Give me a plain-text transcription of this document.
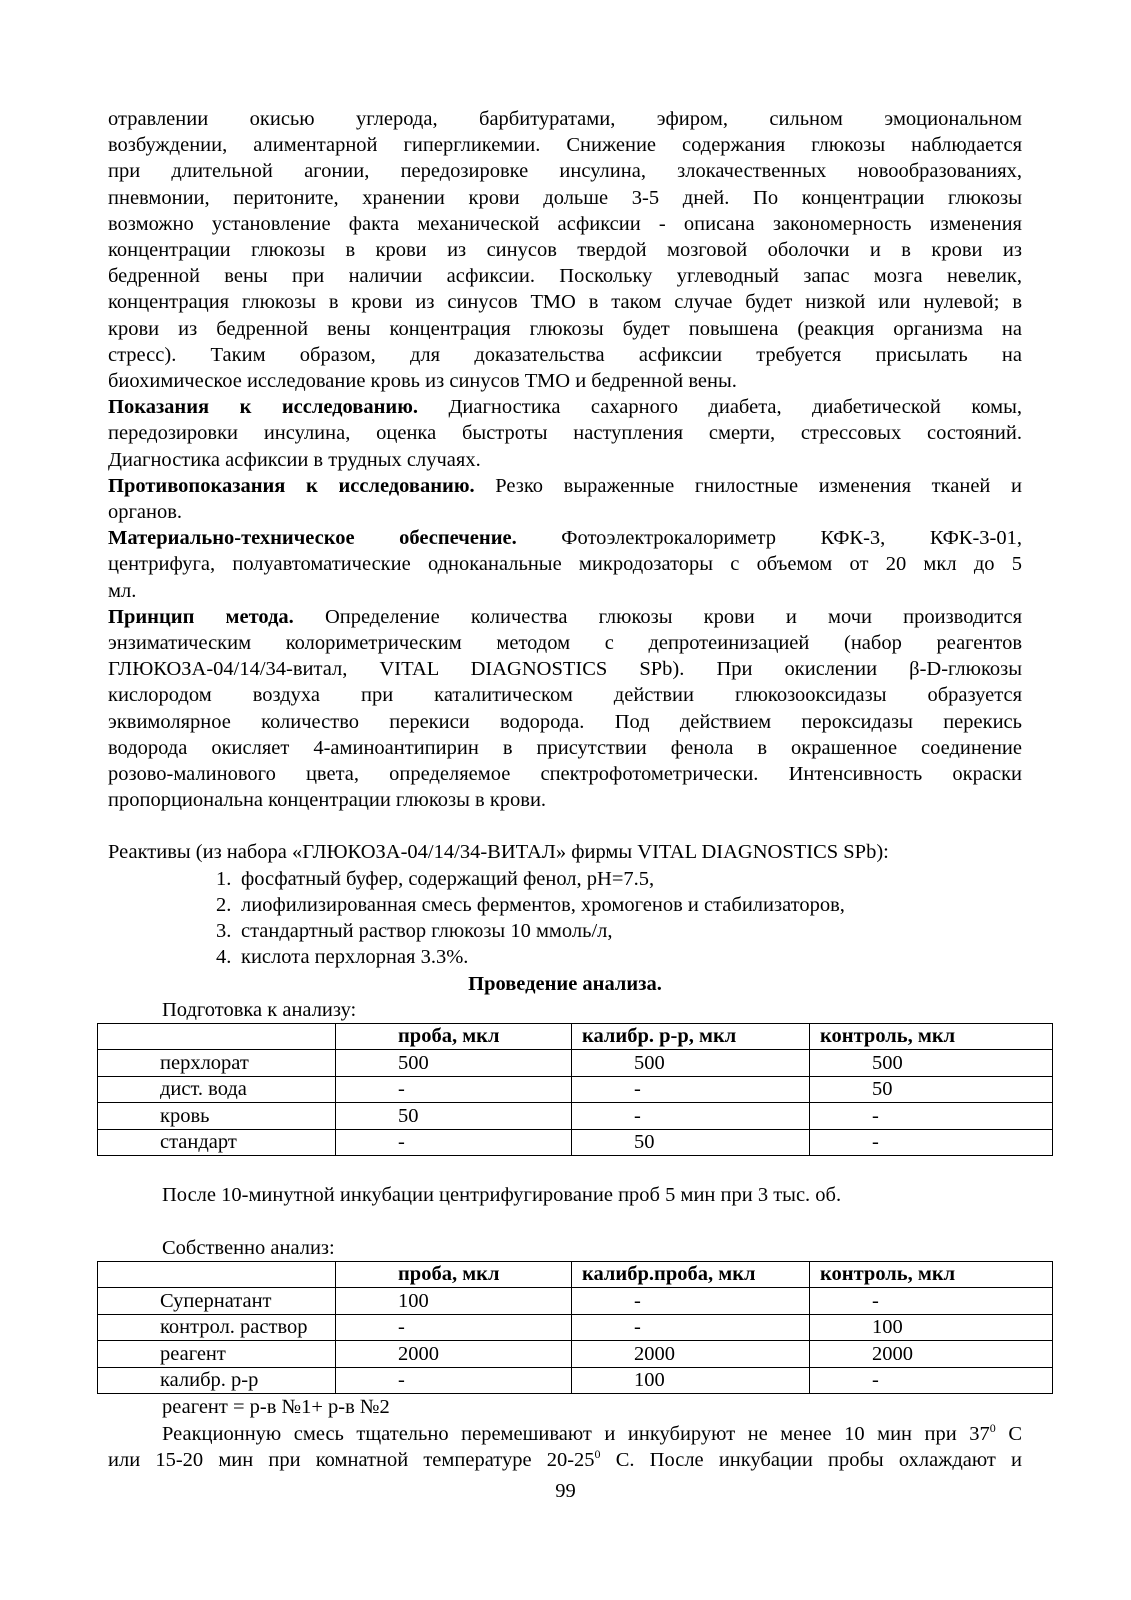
отравлении окисью углерода, барбитуратами, эфиром, сильном эмоциональном

возбуждении, алиментарной гипергликемии. Снижение содержания глюкозы наблюдается

при длительной агонии, передозировке инсулина, злокачественных новообразованиях,

пневмонии, перитоните, хранении крови дольше 3-5 дней. По концентрации глюкозы

возможно установление факта механической асфиксии - описана закономерность изменения

концентрации глюкозы в крови из синусов твердой мозговой оболочки и в крови из

бедренной вены при наличии асфиксии. Поскольку углеводный запас мозга невелик,

концентрация глюкозы в крови из синусов ТМО в таком случае будет низкой или нулевой; в

крови из бедренной вены концентрация глюкозы будет повышена (реакция организма на

стресс). Таким образом, для доказательства асфиксии требуется присылать на

биохимическое исследование кровь из синусов ТМО и бедренной вены.

Показания к исследованию. Диагностика сахарного диабета, диабетической комы,

передозировки инсулина, оценка быстроты наступления смерти, стрессовых состояний.

Диагностика асфиксии в трудных случаях.

Противопоказания к исследованию. Резко выраженные гнилостные изменения тканей и

органов.

Материально-техническое обеспечение. Фотоэлектрокалориметр КФК-3, КФК-3-01,

центрифуга, полуавтоматические одноканальные микродозаторы с объемом от 20 мкл до 5

мл.

Принцип метода. Определение количества глюкозы крови и мочи производится

энзиматическим колориметрическим методом с депротеинизацией (набор реагентов

ГЛЮКОЗА-04/14/34-витал, VITAL DIAGNOSTICS SPb). При окислении β-D-глюкозы

кислородом воздуха при каталитическом действии глюкозооксидазы образуется

эквимолярное количество перекиси водорода. Под действием пероксидазы перекись

водорода окисляет 4-аминоантипирин в присутствии фенола в окрашенное соединение

розово-малинового цвета, определяемое спектрофотометрически. Интенсивность окраски

пропорциональна концентрации глюкозы в крови.

Реактивы (из набора «ГЛЮКОЗА-04/14/34-ВИТАЛ» фирмы VITAL DIAGNOSTICS SPb):

1. фосфатный буфер, содержащий фенол, pH=7.5,
2. лиофилизированная смесь ферментов, хромогенов и стабилизаторов,
3. стандартный раствор глюкозы 10 ммоль/л,
4. кислота перхлорная 3.3%.

Проведение анализа.

Подготовка к анализу:

	проба, мкл	калибр. р-р, мкл	контроль, мкл
перхлорат	500	500	500
дист. вода	-	-	50
кровь	50	-	-
стандарт	-	50	-

После 10-минутной инкубации центрифугирование проб 5 мин при 3 тыс. об.

Собственно анализ:

	проба, мкл	калибр.проба, мкл	контроль, мкл
Супернатант	100	-	-
контрол. раствор	-	-	100
реагент	2000	2000	2000
калибр. р-р	-	100	-

реагент = р-в №1+ р-в №2

Реакционную смесь тщательно перемешивают и инкубируют не менее 10 мин при $37^0$ С

или 15-20 мин при комнатной температуре $20-25^0$ С. После инкубации пробы охлаждают и

99
